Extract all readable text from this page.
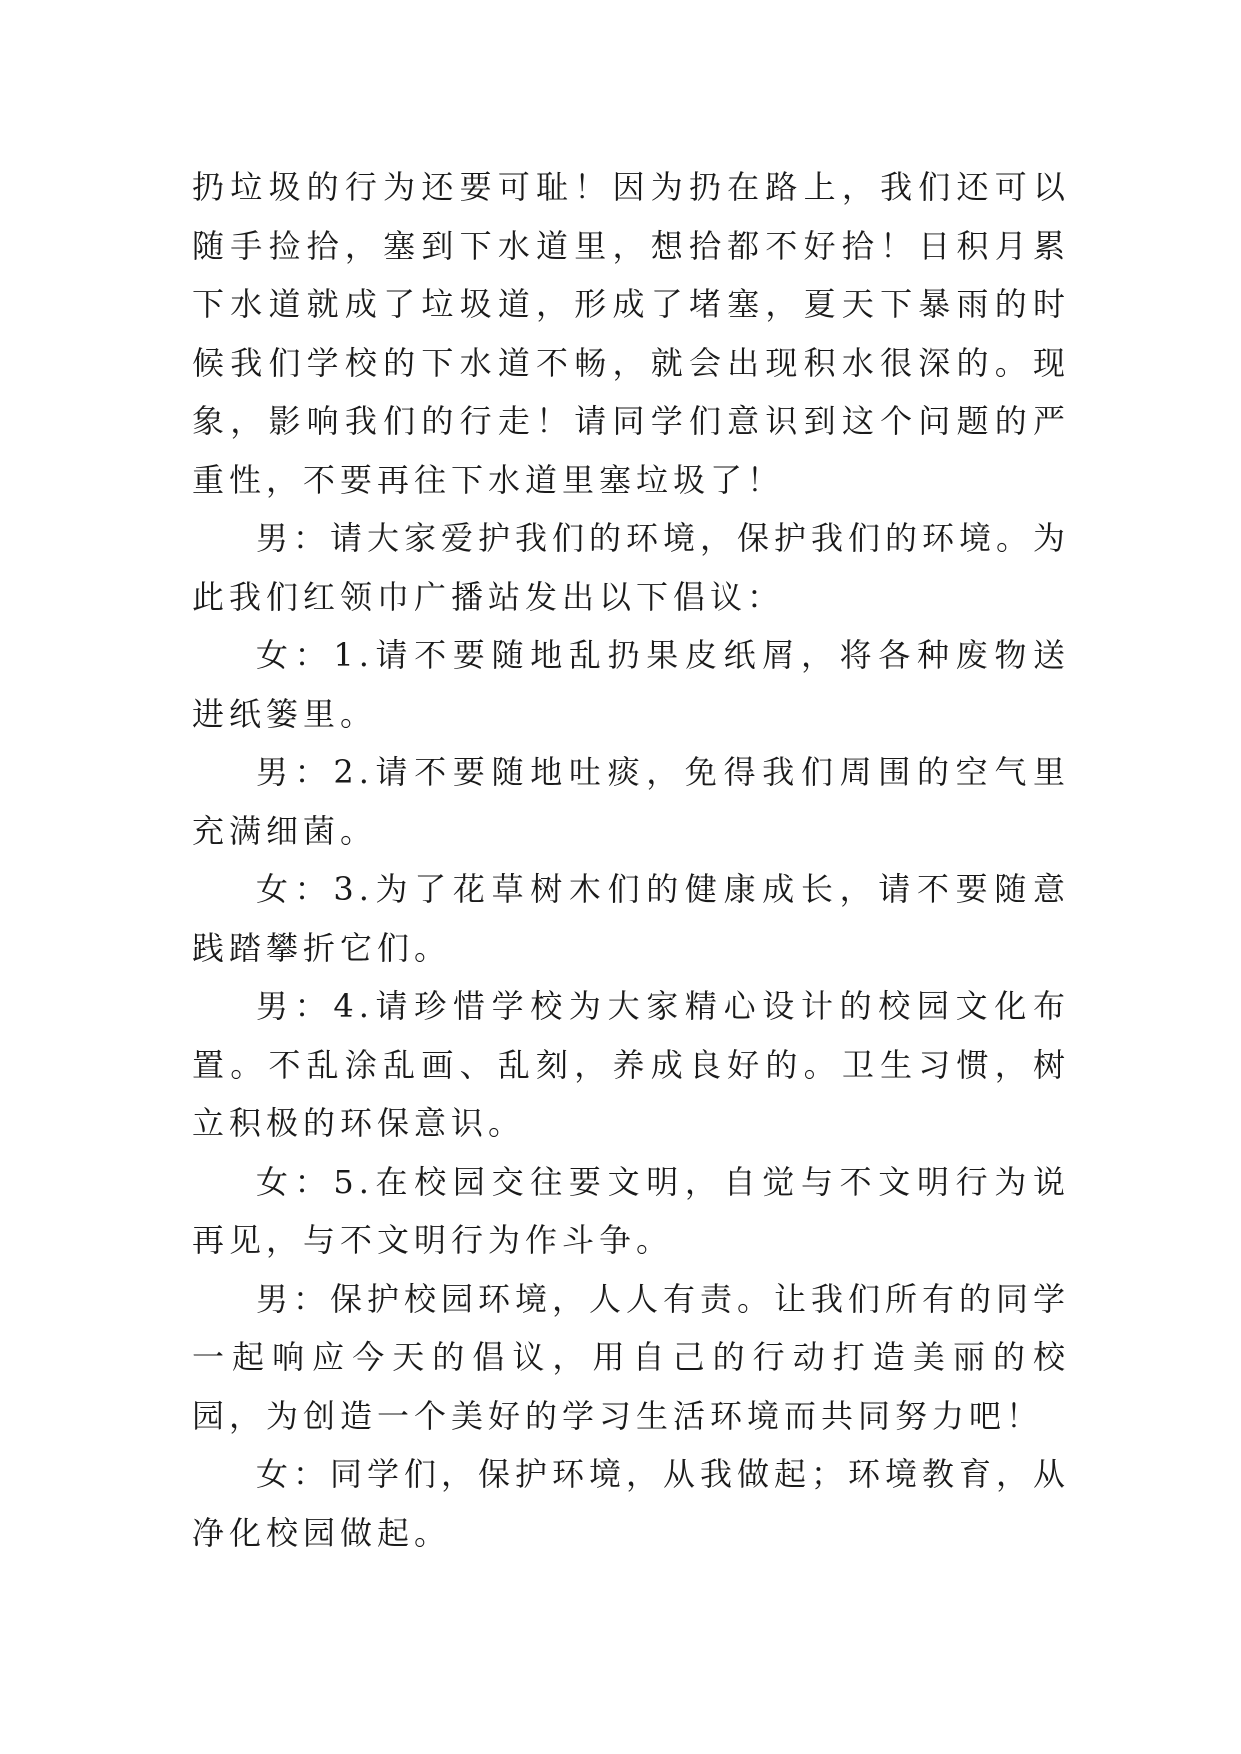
扔垃圾的行为还要可耻！因为扔在路上，我们还可以随手捡拾，塞到下水道里，想拾都不好拾！日积月累下水道就成了垃圾道，形成了堵塞，夏天下暴雨的时候我们学校的下水道不畅，就会出现积水很深的。现象，影响我们的行走！请同学们意识到这个问题的严重性，不要再往下水道里塞垃圾了！

男：请大家爱护我们的环境，保护我们的环境。为此我们红领巾广播站发出以下倡议：

女：1.请不要随地乱扔果皮纸屑，将各种废物送进纸篓里。

男：2.请不要随地吐痰，免得我们周围的空气里充满细菌。

女：3.为了花草树木们的健康成长，请不要随意践踏攀折它们。

男：4.请珍惜学校为大家精心设计的校园文化布置。不乱涂乱画、乱刻，养成良好的。卫生习惯，树立积极的环保意识。

女：5.在校园交往要文明，自觉与不文明行为说再见，与不文明行为作斗争。

男：保护校园环境，人人有责。让我们所有的同学一起响应今天的倡议，用自己的行动打造美丽的校园，为创造一个美好的学习生活环境而共同努力吧！

女：同学们，保护环境，从我做起；环境教育，从净化校园做起。
